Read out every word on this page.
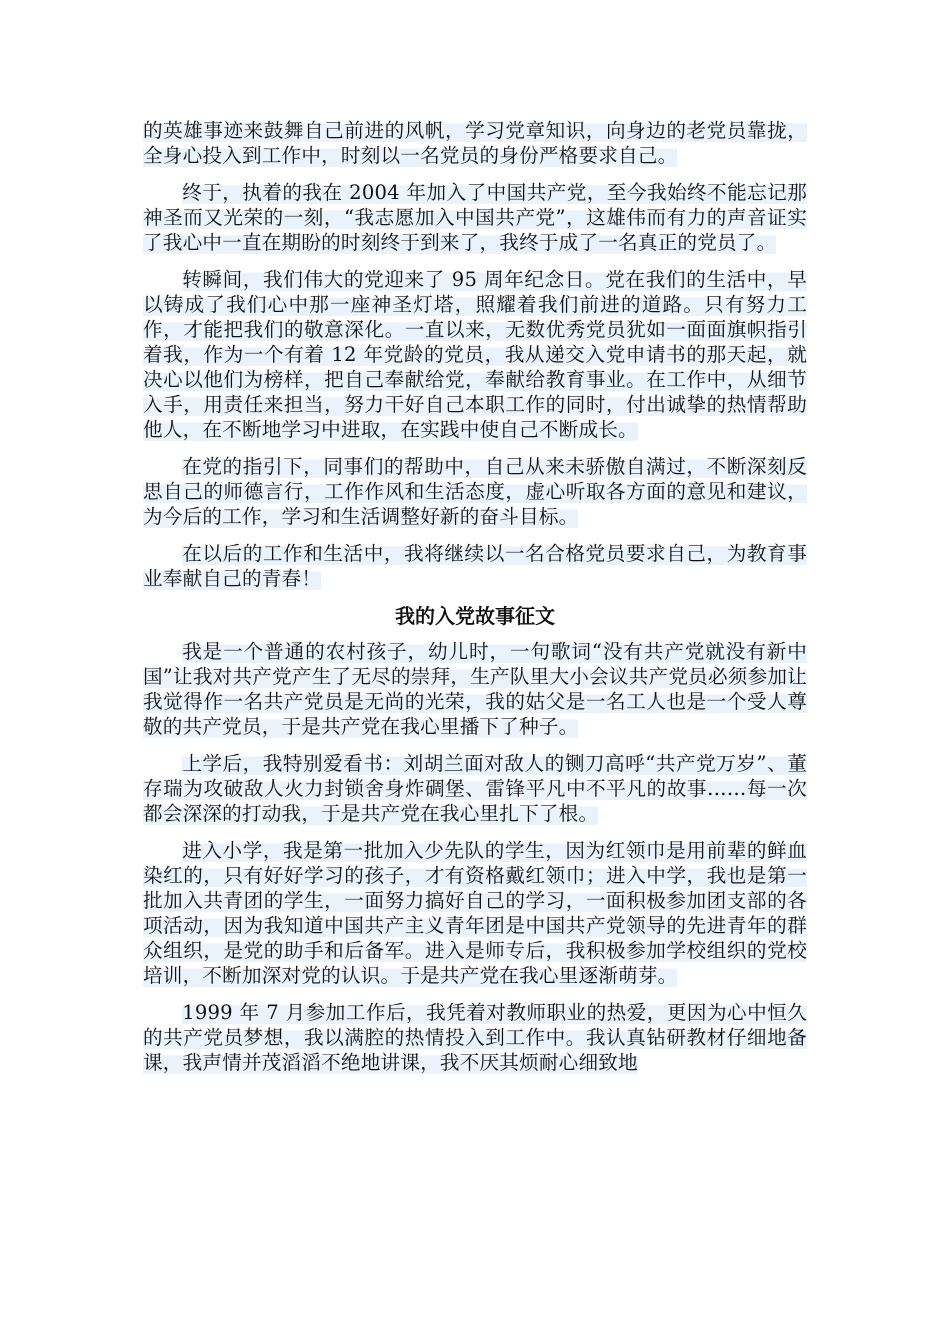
的英雄事迹来鼓舞自己前进的风帆，学习党章知识，向身边的老党员靠拢，全身心投入到工作中，时刻以一名党员的身份严格要求自己。

终于，执着的我在 2004 年加入了中国共产党，至今我始终不能忘记那神圣而又光荣的一刻，“我志愿加入中国共产党”，这雄伟而有力的声音证实了我心中一直在期盼的时刻终于到来了，我终于成了一名真正的党员了。

转瞬间，我们伟大的党迎来了 95 周年纪念日。党在我们的生活中，早以铸成了我们心中那一座神圣灯塔，照耀着我们前进的道路。只有努力工作，才能把我们的敬意深化。一直以来，无数优秀党员犹如一面面旗帜指引着我，作为一个有着 12 年党龄的党员，我从递交入党申请书的那天起，就决心以他们为榜样，把自己奉献给党，奉献给教育事业。在工作中，从细节入手，用责任来担当，努力干好自己本职工作的同时，付出诚挚的热情帮助他人，在不断地学习中进取，在实践中使自己不断成长。

在党的指引下，同事们的帮助中，自己从来未骄傲自满过，不断深刻反思自己的师德言行，工作作风和生活态度，虚心听取各方面的意见和建议，为今后的工作，学习和生活调整好新的奋斗目标。

在以后的工作和生活中，我将继续以一名合格党员要求自己，为教育事业奉献自己的青春！

我的入党故事征文

我是一个普通的农村孩子，幼儿时，一句歌词“没有共产党就没有新中国”让我对共产党产生了无尽的崇拜，生产队里大小会议共产党员必须参加让我觉得作一名共产党员是无尚的光荣，我的姑父是一名工人也是一个受人尊敬的共产党员，于是共产党在我心里播下了种子。

上学后，我特别爱看书：刘胡兰面对敌人的铡刀高呼“共产党万岁”、董存瑞为攻破敌人火力封锁舍身炸碉堡、雷锋平凡中不平凡的故事……每一次都会深深的打动我，于是共产党在我心里扎下了根。

进入小学，我是第一批加入少先队的学生，因为红领巾是用前辈的鲜血染红的，只有好好学习的孩子，才有资格戴红领巾；进入中学，我也是第一批加入共青团的学生，一面努力搞好自己的学习，一面积极参加团支部的各项活动，因为我知道中国共产主义青年团是中国共产党领导的先进青年的群众组织，是党的助手和后备军。进入是师专后，我积极参加学校组织的党校培训，不断加深对党的认识。于是共产党在我心里逐渐萌芽。

1999 年 7 月参加工作后，我凭着对教师职业的热爱，更因为心中恒久的共产党员梦想，我以满腔的热情投入到工作中。我认真钻研教材仔细地备课，我声情并茂滔滔不绝地讲课，我不厌其烦耐心细致地
